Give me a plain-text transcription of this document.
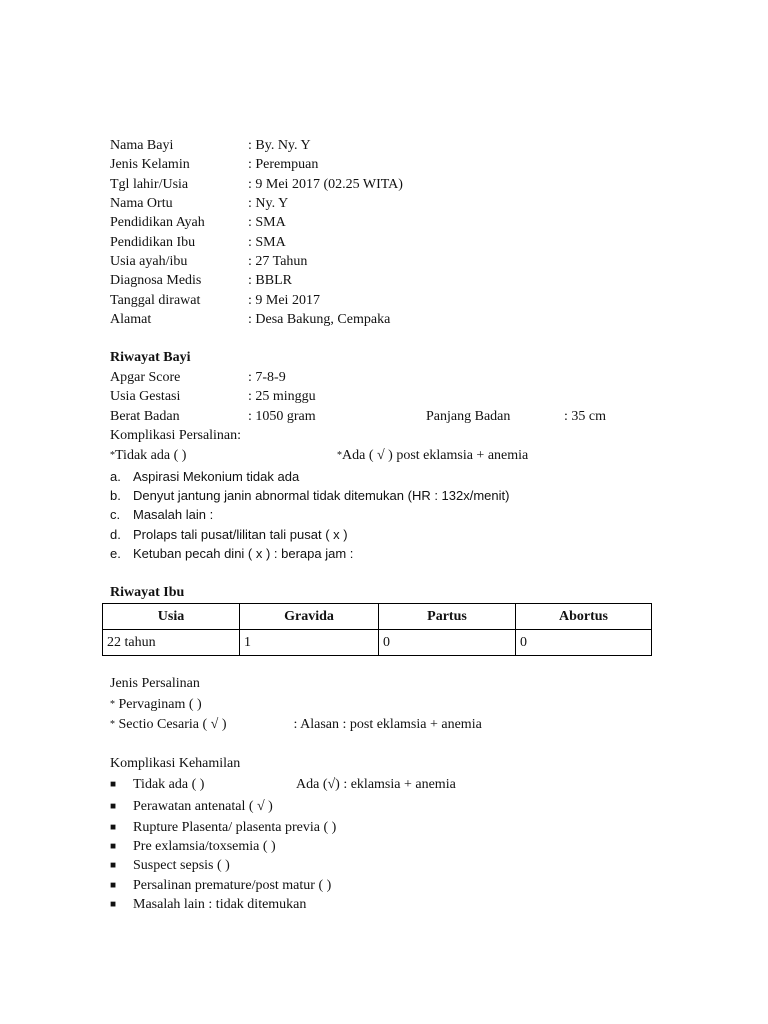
Nama Bayi	: By. Ny. Y
Jenis Kelamin	: Perempuan
Tgl lahir/Usia	: 9 Mei 2017 (02.25 WITA)
Nama Ortu	: Ny. Y
Pendidikan Ayah	: SMA
Pendidikan Ibu	: SMA
Usia ayah/ibu	: 27 Tahun
Diagnosa Medis	: BBLR
Tanggal dirawat	: 9 Mei 2017
Alamat	: Desa Bakung, Cempaka
Riwayat Bayi
Apgar Score	: 7-8-9
Usia Gestasi	: 25 minggu
Berat Badan	: 1050 gram	Panjang Badan	: 35 cm
Komplikasi Persalinan:
*Tidak ada ( )	*Ada ( √ ) post eklamsia + anemia
a. Aspirasi Mekonium tidak ada
b. Denyut jantung janin abnormal tidak ditemukan (HR : 132x/menit)
c. Masalah lain :
d. Prolaps tali pusat/lilitan tali pusat ( x )
e. Ketuban pecah dini ( x ) : berapa jam :
Riwayat Ibu
Usia	Gravida	Partus	Abortus
22 tahun	1	0	0
Jenis Persalinan
* Pervaginam ( )
* Sectio Cesaria ( √ )	: Alasan : post eklamsia + anemia
Komplikasi Kehamilan
■ Tidak ada ( )	Ada (√) : eklamsia + anemia
■ Perawatan antenatal ( √ )
■ Rupture Plasenta/ plasenta previa ( )
■ Pre exlamsia/toxsemia ( )
■ Suspect sepsis ( )
■ Persalinan premature/post matur ( )
■ Masalah lain : tidak ditemukan
